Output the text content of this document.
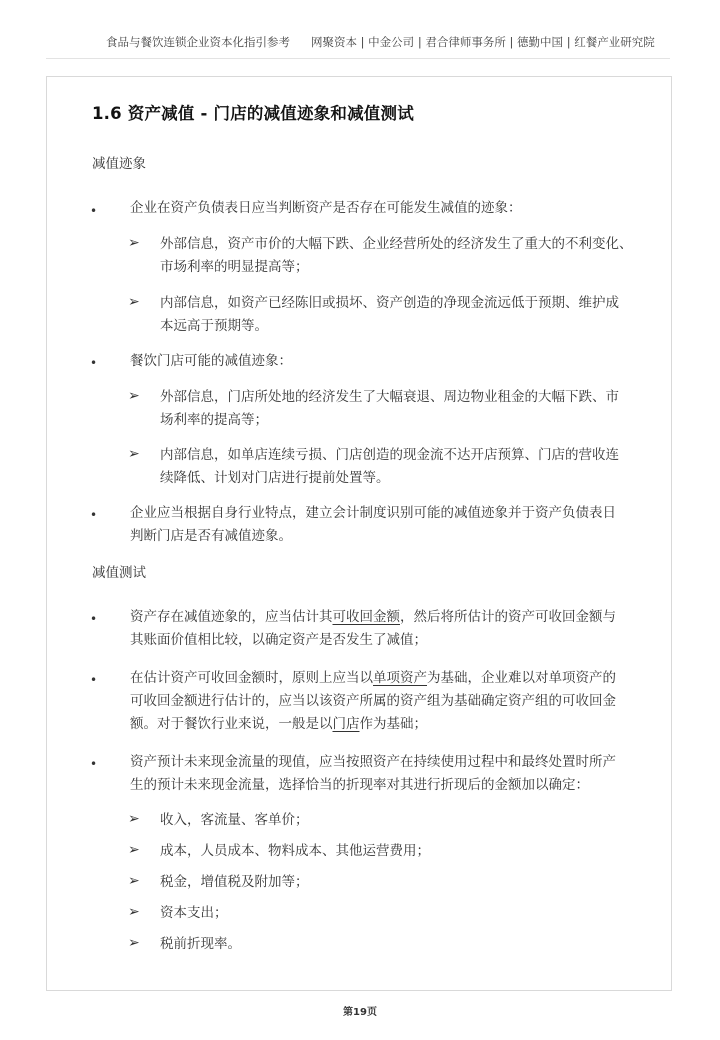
食品与餐饮连锁企业资本化指引参考 网聚资本 | 中金公司 | 君合律师事务所 | 德勤中国 | 红餐产业研究院
1.6 资产减值 - 门店的减值迹象和减值测试
减值迹象
• 企业在资产负债表日应当判断资产是否存在可能发生减值的迹象：
➢ 外部信息，资产市价的大幅下跌、企业经营所处的经济发生了重大的不利变化、
市场利率的明显提高等；
➢ 内部信息，如资产已经陈旧或损坏、资产创造的净现金流远低于预期、维护成
本远高于预期等。
• 餐饮门店可能的减值迹象：
➢ 外部信息，门店所处地的经济发生了大幅衰退、周边物业租金的大幅下跌、市
场利率的提高等；
➢ 内部信息，如单店连续亏损、门店创造的现金流不达开店预算、门店的营收连
续降低、计划对门店进行提前处置等。
• 企业应当根据自身行业特点，建立会计制度识别可能的减值迹象并于资产负债表日
判断门店是否有减值迹象。
减值测试
• 资产存在减值迹象的，应当估计其可收回金额，然后将所估计的资产可收回金额与
其账面价值相比较，以确定资产是否发生了减值；
• 在估计资产可收回金额时，原则上应当以单项资产为基础，企业难以对单项资产的
可收回金额进行估计的，应当以该资产所属的资产组为基础确定资产组的可收回金
额。对于餐饮行业来说，一般是以门店作为基础；
• 资产预计未来现金流量的现值，应当按照资产在持续使用过程中和最终处置时所产
生的预计未来现金流量，选择恰当的折现率对其进行折现后的金额加以确定：
➢ 收入，客流量、客单价；
➢ 成本，人员成本、物料成本、其他运营费用；
➢ 税金，增值税及附加等；
➢ 资本支出；
➢ 税前折现率。
第19页
